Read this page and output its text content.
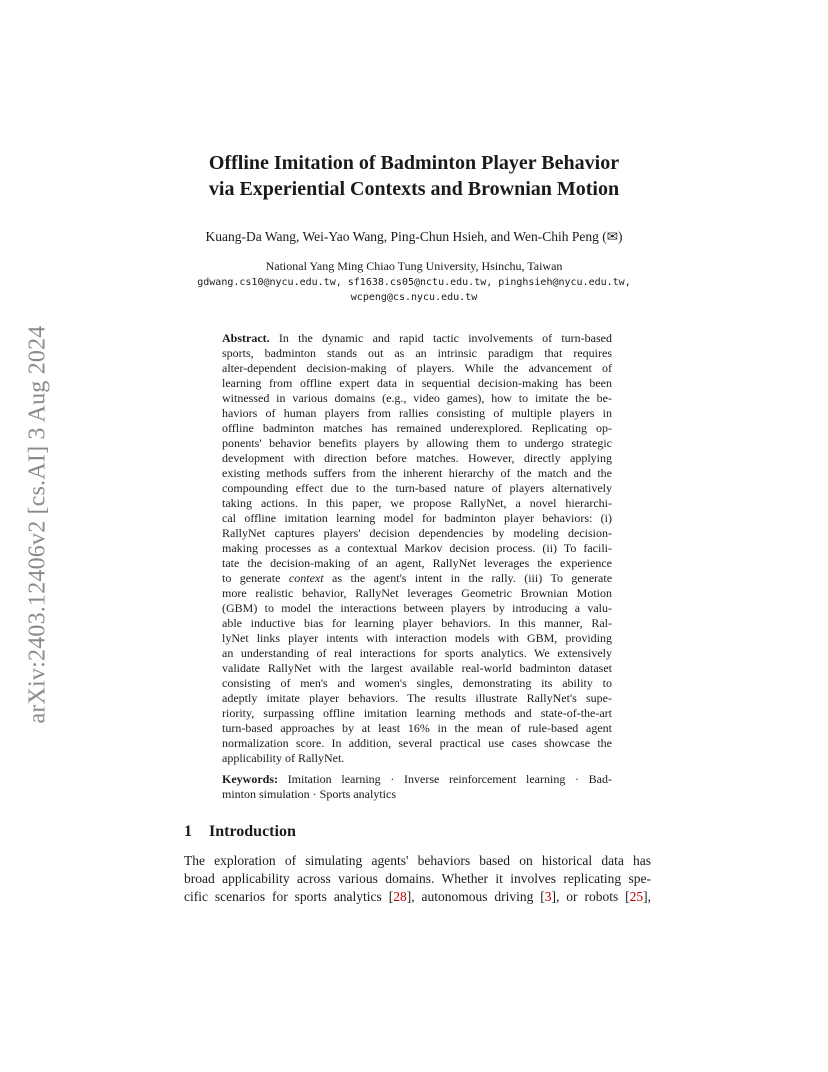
arXiv:2403.12406v2 [cs.AI] 3 Aug 2024
Offline Imitation of Badminton Player Behavior
via Experiential Contexts and Brownian Motion
Kuang-Da Wang, Wei-Yao Wang, Ping-Chun Hsieh, and Wen-Chih Peng (✉)
National Yang Ming Chiao Tung University, Hsinchu, Taiwan
gdwang.cs10@nycu.edu.tw, sf1638.cs05@nctu.edu.tw, pinghsieh@nycu.edu.tw,
wcpeng@cs.nycu.edu.tw
Abstract. In the dynamic and rapid tactic involvements of turn-based
sports, badminton stands out as an intrinsic paradigm that requires
alter-dependent decision-making of players. While the advancement of
learning from offline expert data in sequential decision-making has been
witnessed in various domains (e.g., video games), how to imitate the be-
haviors of human players from rallies consisting of multiple players in
offline badminton matches has remained underexplored. Replicating op-
ponents' behavior benefits players by allowing them to undergo strategic
development with direction before matches. However, directly applying
existing methods suffers from the inherent hierarchy of the match and the
compounding effect due to the turn-based nature of players alternatively
taking actions. In this paper, we propose RallyNet, a novel hierarchi-
cal offline imitation learning model for badminton player behaviors: (i)
RallyNet captures players' decision dependencies by modeling decision-
making processes as a contextual Markov decision process. (ii) To facili-
tate the decision-making of an agent, RallyNet leverages the experience
to generate context as the agent's intent in the rally. (iii) To generate
more realistic behavior, RallyNet leverages Geometric Brownian Motion
(GBM) to model the interactions between players by introducing a valu-
able inductive bias for learning player behaviors. In this manner, Ral-
lyNet links player intents with interaction models with GBM, providing
an understanding of real interactions for sports analytics. We extensively
validate RallyNet with the largest available real-world badminton dataset
consisting of men's and women's singles, demonstrating its ability to
adeptly imitate player behaviors. The results illustrate RallyNet's supe-
riority, surpassing offline imitation learning methods and state-of-the-art
turn-based approaches by at least 16% in the mean of rule-based agent
normalization score. In addition, several practical use cases showcase the
applicability of RallyNet.
Keywords: Imitation learning · Inverse reinforcement learning · Bad-
minton simulation · Sports analytics
1 Introduction
The exploration of simulating agents' behaviors based on historical data has
broad applicability across various domains. Whether it involves replicating spe-
cific scenarios for sports analytics [28], autonomous driving [3], or robots [25],
